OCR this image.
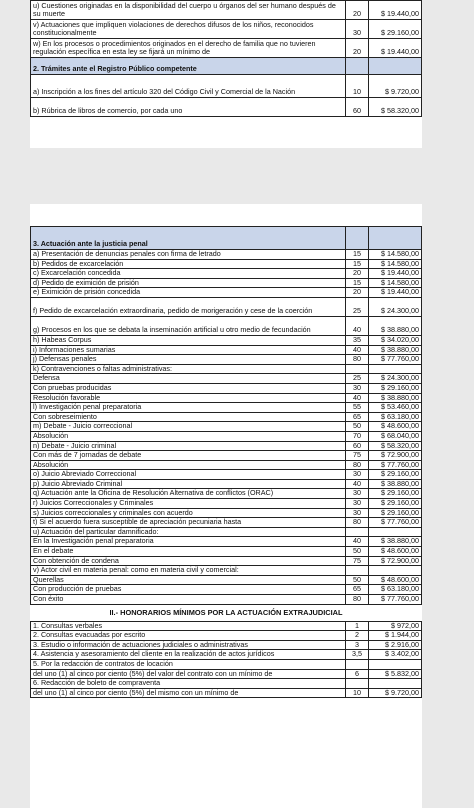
u) Cuestiones originadas en la disponibilidad del cuerpo u órganos del ser humano después de su muerte	20	$ 19.440,00
v) Actuaciones que impliquen violaciones de derechos difusos de los niños, reconocidos constitucionalmente	30	$ 29.160,00
w) En los procesos o procedimientos originados en el derecho de familia que no tuvieren regulación específica en esta ley se fijará un mínimo de	20	$ 19.440,00
2. Trámites ante el Registro Público competente		
a) Inscripción a los fines del artículo 320 del Código Civil y Comercial de la Nación	10	$ 9.720,00
b) Rúbrica de libros de comercio, por cada uno	60	$ 58.320,00
3. Actuación ante la justicia penal		
a) Presentación de denuncias penales con firma de letrado	15	$ 14.580,00
b) Pedidos de excarcelación	15	$ 14.580,00
c) Excarcelación concedida	20	$ 19.440,00
d) Pedido de eximición de prisión	15	$ 14.580,00
e) Eximición de prisión concedida	20	$ 19.440,00
f) Pedido de excarcelación extraordinaria, pedido de morigeración y cese de la coerción	25	$ 24.300,00
g) Procesos en los que se debata la inseminación artificial u otro medio de fecundación	40	$ 38.880,00
h) Habeas Corpus	35	$ 34.020,00
i) Informaciones sumarias	40	$ 38.880,00
j) Defensas penales	80	$ 77.760,00
k) Contravenciones o faltas administrativas:		
Defensa	25	$ 24.300,00
Con pruebas producidas	30	$ 29.160,00
Resolución favorable	40	$ 38.880,00
l) Investigación penal preparatoria	55	$ 53.460,00
Con sobreseimiento	65	$ 63.180,00
m) Debate - Juicio correccional	50	$ 48.600,00
Absolución	70	$ 68.040,00
n) Debate - Juicio criminal	60	$ 58.320,00
Con más de 7 jornadas de debate	75	$ 72.900,00
Absolución	80	$ 77.760,00
o) Juicio Abreviado Correccional	30	$ 29.160,00
p) Juicio Abreviado Criminal	40	$ 38.880,00
q) Actuación ante la Oficina de Resolución Alternativa de conflictos (ORAC)	30	$ 29.160,00
r) Juicios Correccionales y Criminales	30	$ 29.160,00
s) Juicios correccionales y criminales con acuerdo	30	$ 29.160,00
t) Si el acuerdo fuera susceptible de apreciación pecuniaria hasta	80	$ 77.760,00
u) Actuación del particular damnificado:		
En la Investigación penal preparatoria	40	$ 38.880,00
En el debate	50	$ 48.600,00
Con obtención de condena	75	$ 72.900,00
v) Actor civil en materia penal: como en materia civil y comercial:		
Querellas	50	$ 48.600,00
Con producción de pruebas	65	$ 63.180,00
Con éxito	80	$ 77.760,00
II.- HONORARIOS MÍNIMOS POR LA ACTUACIÓN EXTRAJUDICIAL
1. Consultas verbales	1	$ 972,00
2. Consultas evacuadas por escrito	2	$ 1.944,00
3. Estudio o información de actuaciones judiciales o administrativas	3	$ 2.916,00
4. Asistencia y asesoramiento del cliente en la realización de actos jurídicos	3,5	$ 3.402,00
5. Por la redacción de contratos de locación		
del uno (1) al cinco por ciento (5%) del valor del contrato con un mínimo de	6	$ 5.832,00
6. Redacción de boleto de compraventa		
del uno (1) al cinco por ciento (5%) del mismo con un mínimo de	10	$ 9.720,00
